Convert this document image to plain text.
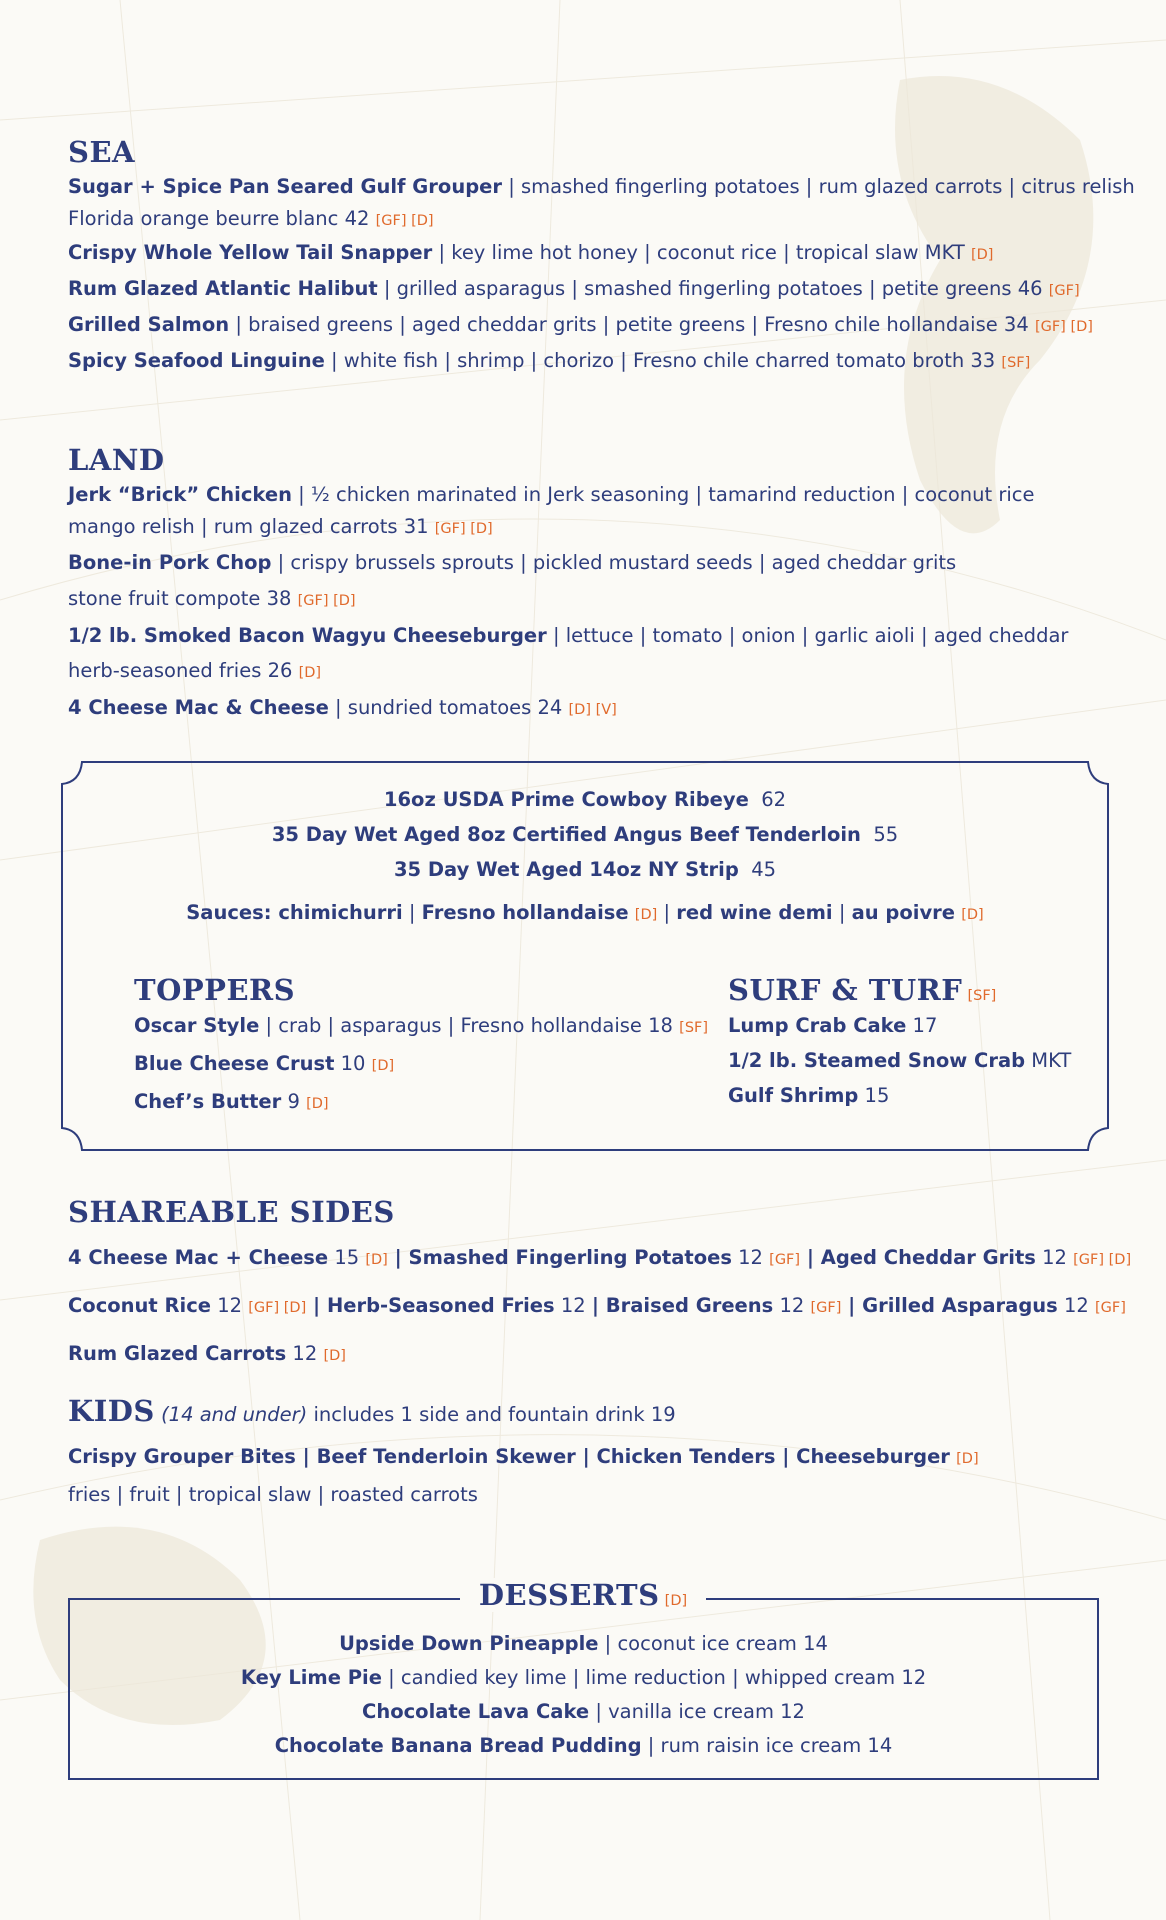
SEA
Sugar + Spice Pan Seared Gulf Grouper | smashed fingerling potatoes | rum glazed carrots | citrus relish
Florida orange beurre blanc 42 [GF] [D]
Crispy Whole Yellow Tail Snapper | key lime hot honey | coconut rice | tropical slaw MKT [D]
Rum Glazed Atlantic Halibut | grilled asparagus | smashed fingerling potatoes | petite greens 46 [GF]
Grilled Salmon | braised greens | aged cheddar grits | petite greens | Fresno chile hollandaise 34 [GF] [D]
Spicy Seafood Linguine | white fish | shrimp | chorizo | Fresno chile charred tomato broth 33 [SF]
LAND
Jerk “Brick” Chicken | ½ chicken marinated in Jerk seasoning | tamarind reduction | coconut rice
mango relish | rum glazed carrots 31 [GF] [D]
Bone-in Pork Chop | crispy brussels sprouts | pickled mustard seeds | aged cheddar grits
stone fruit compote 38 [GF] [D]
1/2 lb. Smoked Bacon Wagyu Cheeseburger | lettuce | tomato | onion | garlic aioli | aged cheddar
herb-seasoned fries 26 [D]
4 Cheese Mac & Cheese | sundried tomatoes 24 [D] [V]
16oz USDA Prime Cowboy Ribeye 62
35 Day Wet Aged 8oz Certified Angus Beef Tenderloin 55
35 Day Wet Aged 14oz NY Strip 45
Sauces: chimichurri | Fresno hollandaise [D] | red wine demi | au poivre [D]
TOPPERS
Oscar Style | crab | asparagus | Fresno hollandaise 18 [SF]
Blue Cheese Crust 10 [D]
Chef’s Butter 9 [D]
SURF & TURF [SF]
Lump Crab Cake 17
1/2 lb. Steamed Snow Crab MKT
Gulf Shrimp 15
SHAREABLE SIDES
4 Cheese Mac + Cheese 15 [D] | Smashed Fingerling Potatoes 12 [GF] | Aged Cheddar Grits 12 [GF] [D]
Coconut Rice 12 [GF] [D] | Herb-Seasoned Fries 12 | Braised Greens 12 [GF] | Grilled Asparagus 12 [GF]
Rum Glazed Carrots 12 [D]
KIDS (14 and under) includes 1 side and fountain drink 19
Crispy Grouper Bites | Beef Tenderloin Skewer | Chicken Tenders | Cheeseburger [D]
fries | fruit | tropical slaw | roasted carrots
DESSERTS [D]
Upside Down Pineapple | coconut ice cream 14
Key Lime Pie | candied key lime | lime reduction | whipped cream 12
Chocolate Lava Cake | vanilla ice cream 12
Chocolate Banana Bread Pudding | rum raisin ice cream 14
